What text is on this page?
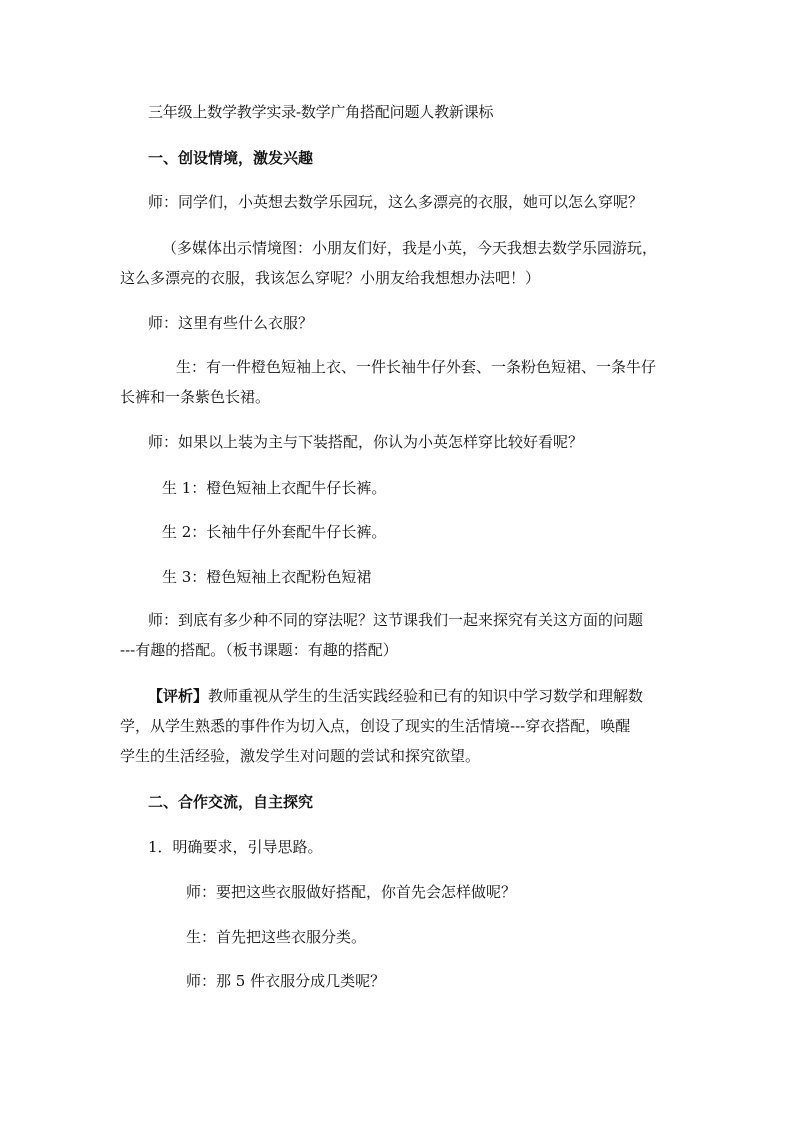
三年级上数学教学实录-数学广角搭配问题人教新课标
一、创设情境，激发兴趣
师：同学们，小英想去数学乐园玩，这么多漂亮的衣服，她可以怎么穿呢？
（多媒体出示情境图：小朋友们好，我是小英，今天我想去数学乐园游玩，
这么多漂亮的衣服，我该怎么穿呢？小朋友给我想想办法吧！）
师：这里有些什么衣服？
生：有一件橙色短袖上衣、一件长袖牛仔外套、一条粉色短裙、一条牛仔
长裤和一条紫色长裙。
师：如果以上装为主与下装搭配，你认为小英怎样穿比较好看呢？
生 1：橙色短袖上衣配牛仔长裤。
生 2：长袖牛仔外套配牛仔长裤。
生 3：橙色短袖上衣配粉色短裙
师：到底有多少种不同的穿法呢？这节课我们一起来探究有关这方面的问题
---有趣的搭配。（板书课题：有趣的搭配）
【评析】教师重视从学生的生活实践经验和已有的知识中学习数学和理解数
学，从学生熟悉的事件作为切入点，创设了现实的生活情境---穿衣搭配，唤醒
学生的生活经验，激发学生对问题的尝试和探究欲望。
二、合作交流，自主探究
1．明确要求，引导思路。
师：要把这些衣服做好搭配，你首先会怎样做呢？
生：首先把这些衣服分类。
师：那 5 件衣服分成几类呢？
